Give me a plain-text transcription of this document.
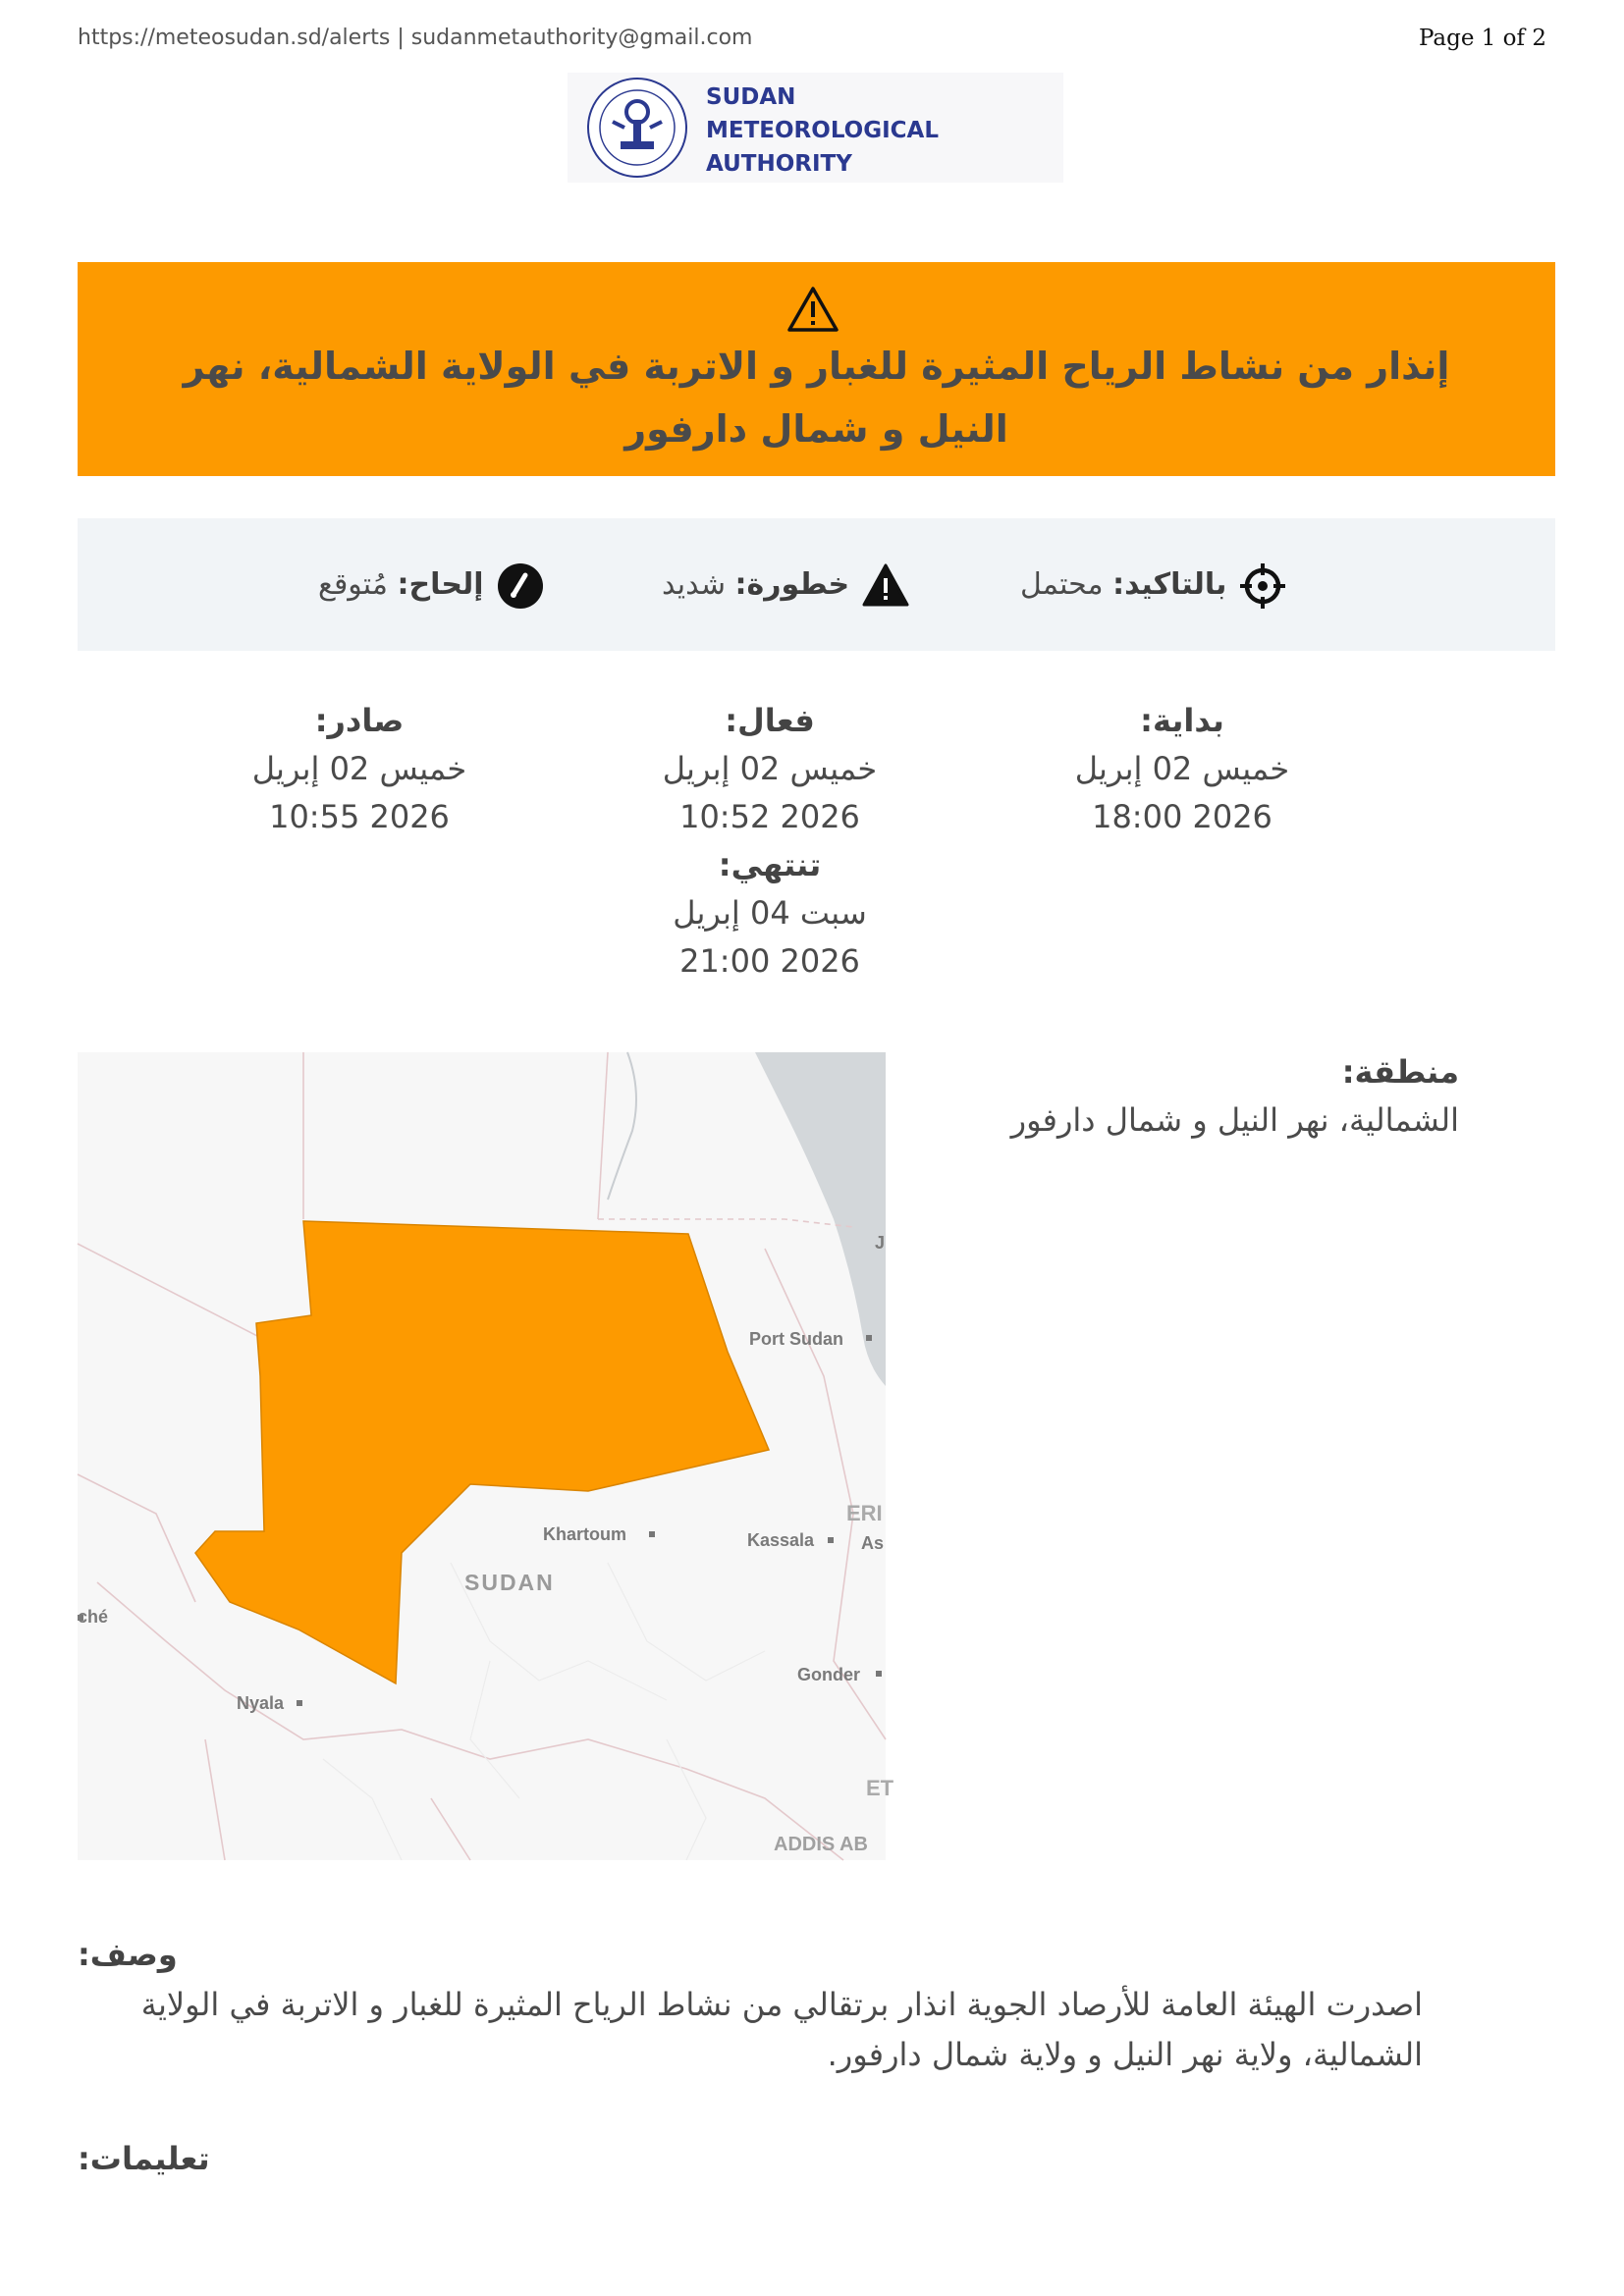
https://meteosudan.sd/alerts | sudanmetauthority@gmail.com	Page 1 of 2
SUDAN
METEOROLOGICAL
AUTHORITY
إنذار من نشاط الرياح المثيرة للغبار و الاتربة في الولاية الشمالية، نهر النيل و شمال دارفور
بالتاكيد: محتمل
خطورة: شديد
إلحاح: مُتوقع
بداية:
خميس 02 إبريل 2026 18:00
فعال:
خميس 02 إبريل 2026 10:52
صادر:
خميس 02 إبريل 2026 10:55
تنتهي:
سبت 04 إبريل 2026 21:00
Port Sudan
Khartoum	Kassala
SUDAN
ERI
As
Gonder
Nyala
ché
ADDIS AB
ET
J
منطقة:
الشمالية، نهر النيل و شمال دارفور
وصف:
اصدرت الهيئة العامة للأرصاد الجوية انذار برتقالي من نشاط الرياح المثيرة للغبار و الاتربة في الولاية الشمالية، ولاية نهر النيل و ولاية شمال دارفور.
تعليمات:
